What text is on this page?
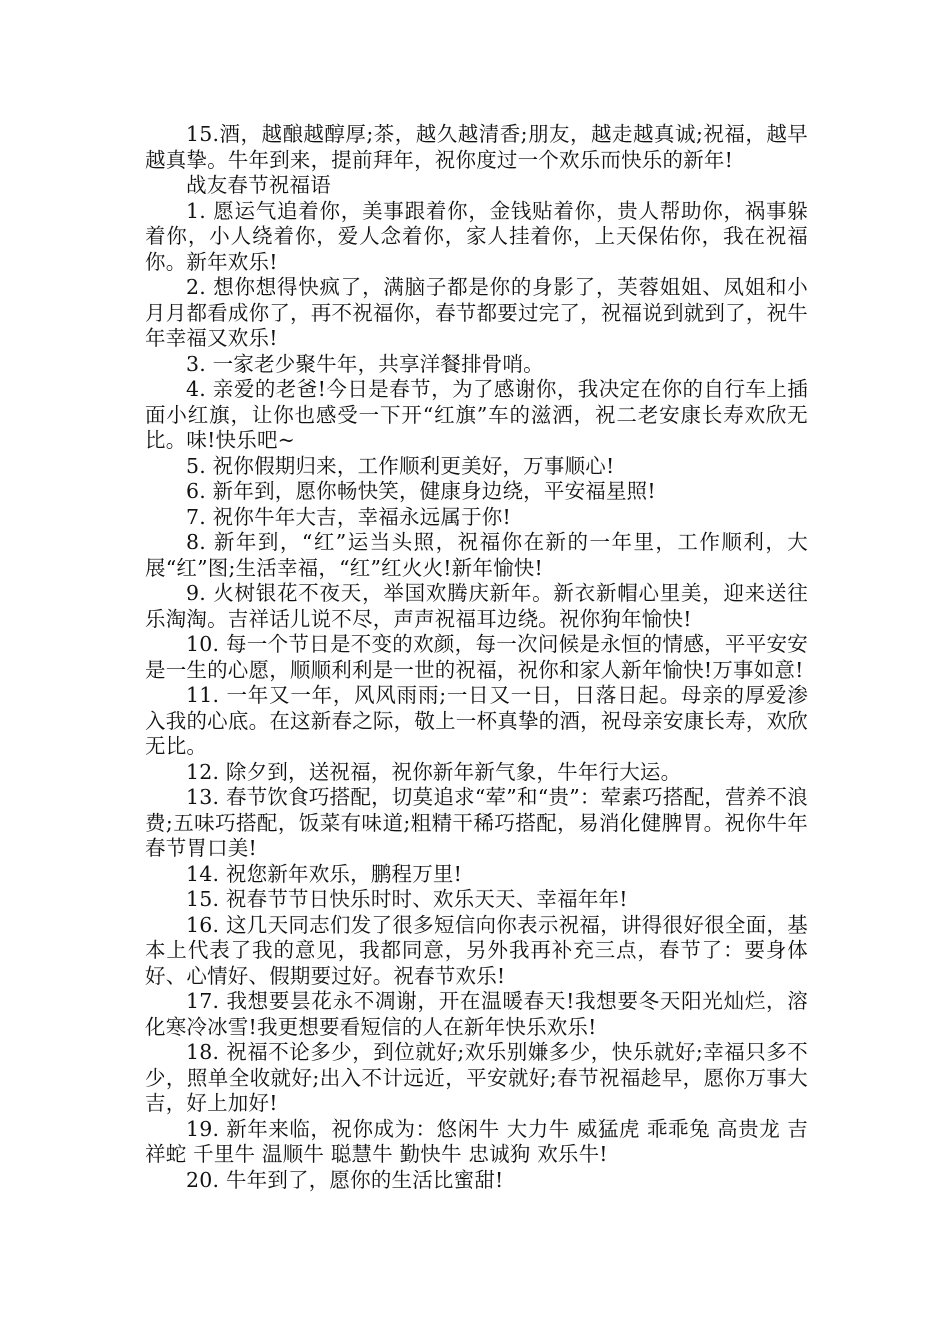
15.酒，越酿越醇厚;茶，越久越清香;朋友，越走越真诚;祝福，越早越真挚。牛年到来，提前拜年，祝你度过一个欢乐而快乐的新年!

战友春节祝福语

1. 愿运气追着你，美事跟着你，金钱贴着你，贵人帮助你，祸事躲着你，小人绕着你，爱人念着你，家人挂着你，上天保佑你，我在祝福你。新年欢乐!

2. 想你想得快疯了，满脑子都是你的身影了，芙蓉姐姐、凤姐和小月月都看成你了，再不祝福你，春节都要过完了，祝福说到就到了，祝牛年幸福又欢乐!

3. 一家老少聚牛年，共享洋餐排骨哨。

4. 亲爱的老爸!今日是春节，为了感谢你，我决定在你的自行车上插面小红旗，让你也感受一下开“红旗”车的滋洒，祝二老安康长寿欢欣无比。味!快乐吧~

5. 祝你假期归来，工作顺利更美好，万事顺心!

6. 新年到，愿你畅快笑，健康身边绕，平安福星照!

7. 祝你牛年大吉，幸福永远属于你!

8. 新年到，“红”运当头照，祝福你在新的一年里，工作顺利，大展“红”图;生活幸福，“红”红火火!新年愉快!

9. 火树银花不夜天，举国欢腾庆新年。新衣新帽心里美，迎来送往乐淘淘。吉祥话儿说不尽，声声祝福耳边绕。祝你狗年愉快!

10. 每一个节日是不变的欢颜，每一次问候是永恒的情感，平平安安是一生的心愿，顺顺利利是一世的祝福，祝你和家人新年愉快!万事如意!

11. 一年又一年，风风雨雨;一日又一日，日落日起。母亲的厚爱渗入我的心底。在这新春之际，敬上一杯真挚的酒，祝母亲安康长寿，欢欣无比。

12. 除夕到，送祝福，祝你新年新气象，牛年行大运。

13. 春节饮食巧搭配，切莫追求“荤”和“贵”：荤素巧搭配，营养不浪费;五味巧搭配，饭菜有味道;粗精干稀巧搭配，易消化健脾胃。祝你牛年春节胃口美!

14. 祝您新年欢乐，鹏程万里!

15. 祝春节节日快乐时时、欢乐天天、幸福年年!

16. 这几天同志们发了很多短信向你表示祝福，讲得很好很全面，基本上代表了我的意见，我都同意，另外我再补充三点，春节了：要身体好、心情好、假期要过好。祝春节欢乐!

17. 我想要昙花永不凋谢，开在温暖春天!我想要冬天阳光灿烂，溶化寒冷冰雪!我更想要看短信的人在新年快乐欢乐!

18. 祝福不论多少，到位就好;欢乐别嫌多少，快乐就好;幸福只多不少，照单全收就好;出入不计远近，平安就好;春节祝福趁早，愿你万事大吉，好上加好!

19. 新年来临，祝你成为：悠闲牛 大力牛 威猛虎 乖乖兔 高贵龙 吉祥蛇 千里牛 温顺牛 聪慧牛 勤快牛 忠诚狗 欢乐牛!

20. 牛年到了，愿你的生活比蜜甜!
